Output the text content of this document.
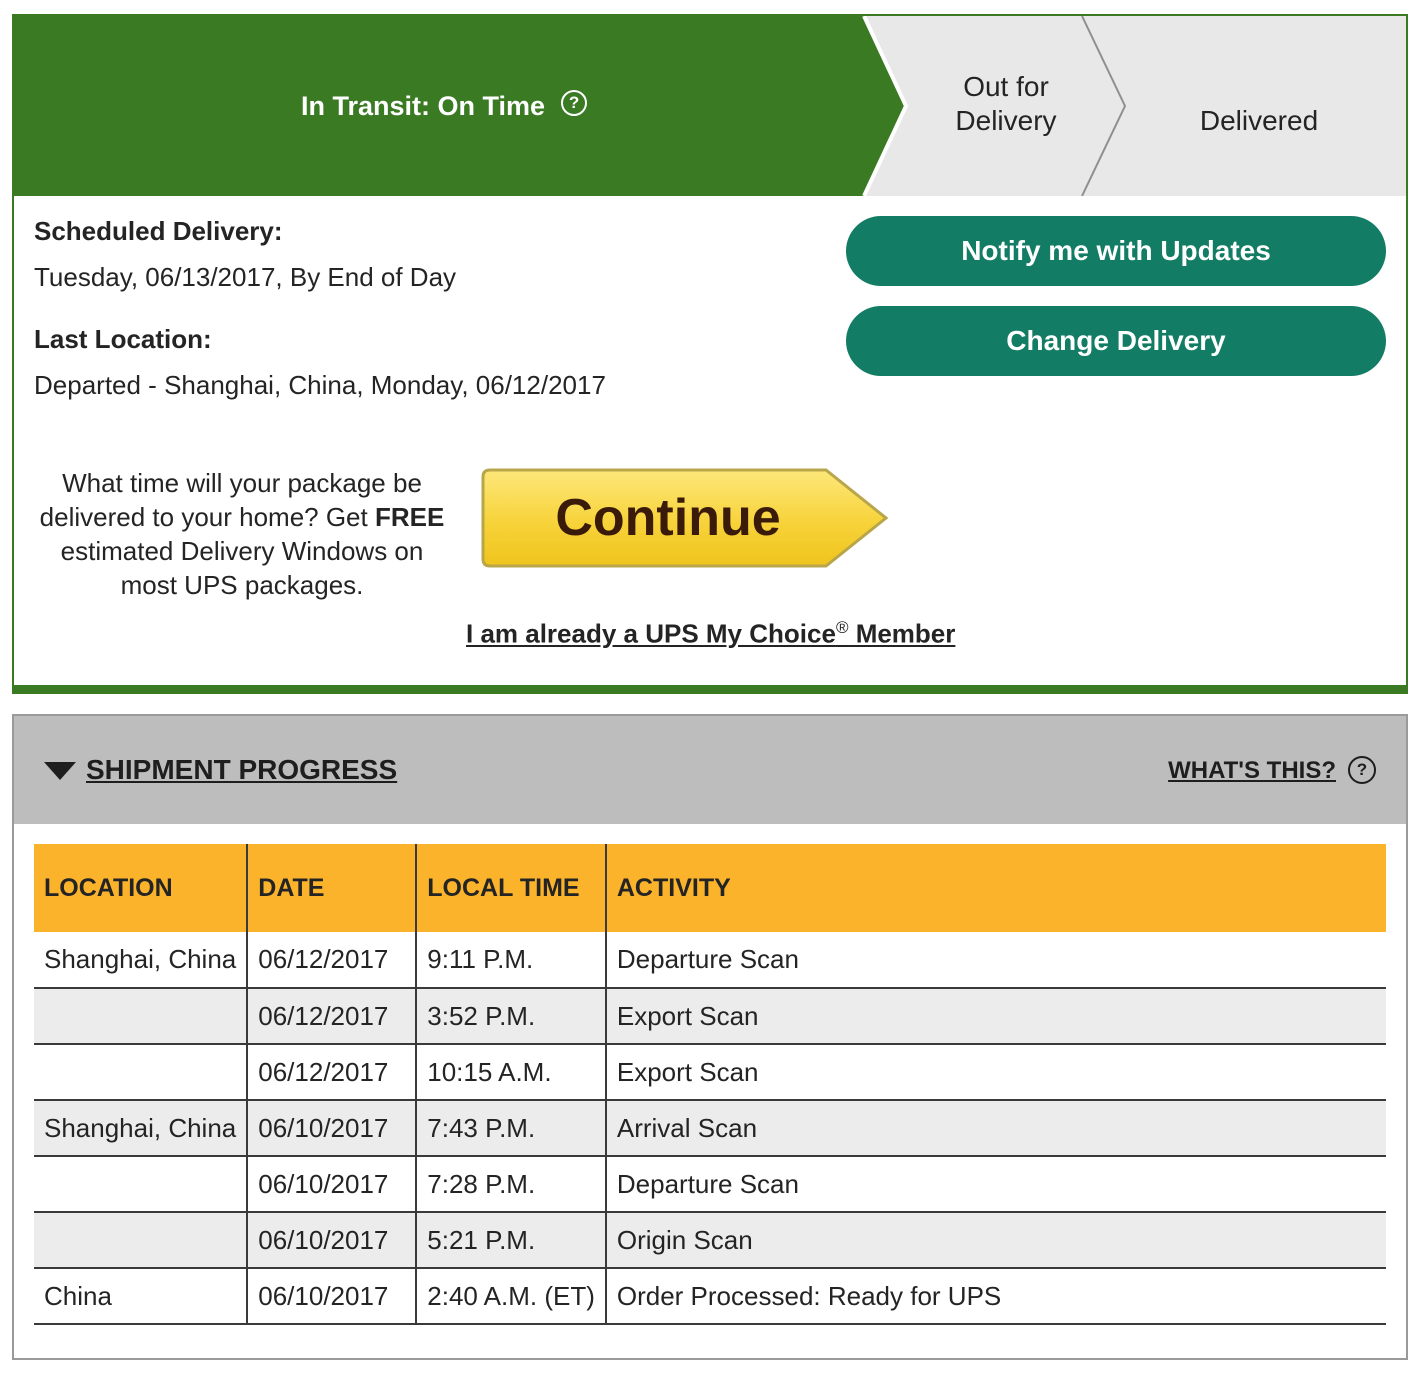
In Transit: On Time	?
Out for
Delivery	Delivered
Scheduled Delivery:
Tuesday, 06/13/2017, By End of Day
Last Location:
Departed - Shanghai, China, Monday, 06/12/2017
Notify me with Updates
Change Delivery
What time will your package be delivered to your home? Get FREE estimated Delivery Windows on most UPS packages.
Continue
I am already a UPS My Choice® Member
SHIPMENT PROGRESS	WHAT'S THIS?	?
LOCATION	DATE	LOCAL TIME	ACTIVITY
Shanghai, China	06/12/2017	9:11 P.M.	Departure Scan
	06/12/2017	3:52 P.M.	Export Scan
	06/12/2017	10:15 A.M.	Export Scan
Shanghai, China	06/10/2017	7:43 P.M.	Arrival Scan
	06/10/2017	7:28 P.M.	Departure Scan
	06/10/2017	5:21 P.M.	Origin Scan
China	06/10/2017	2:40 A.M. (ET)	Order Processed: Ready for UPS
